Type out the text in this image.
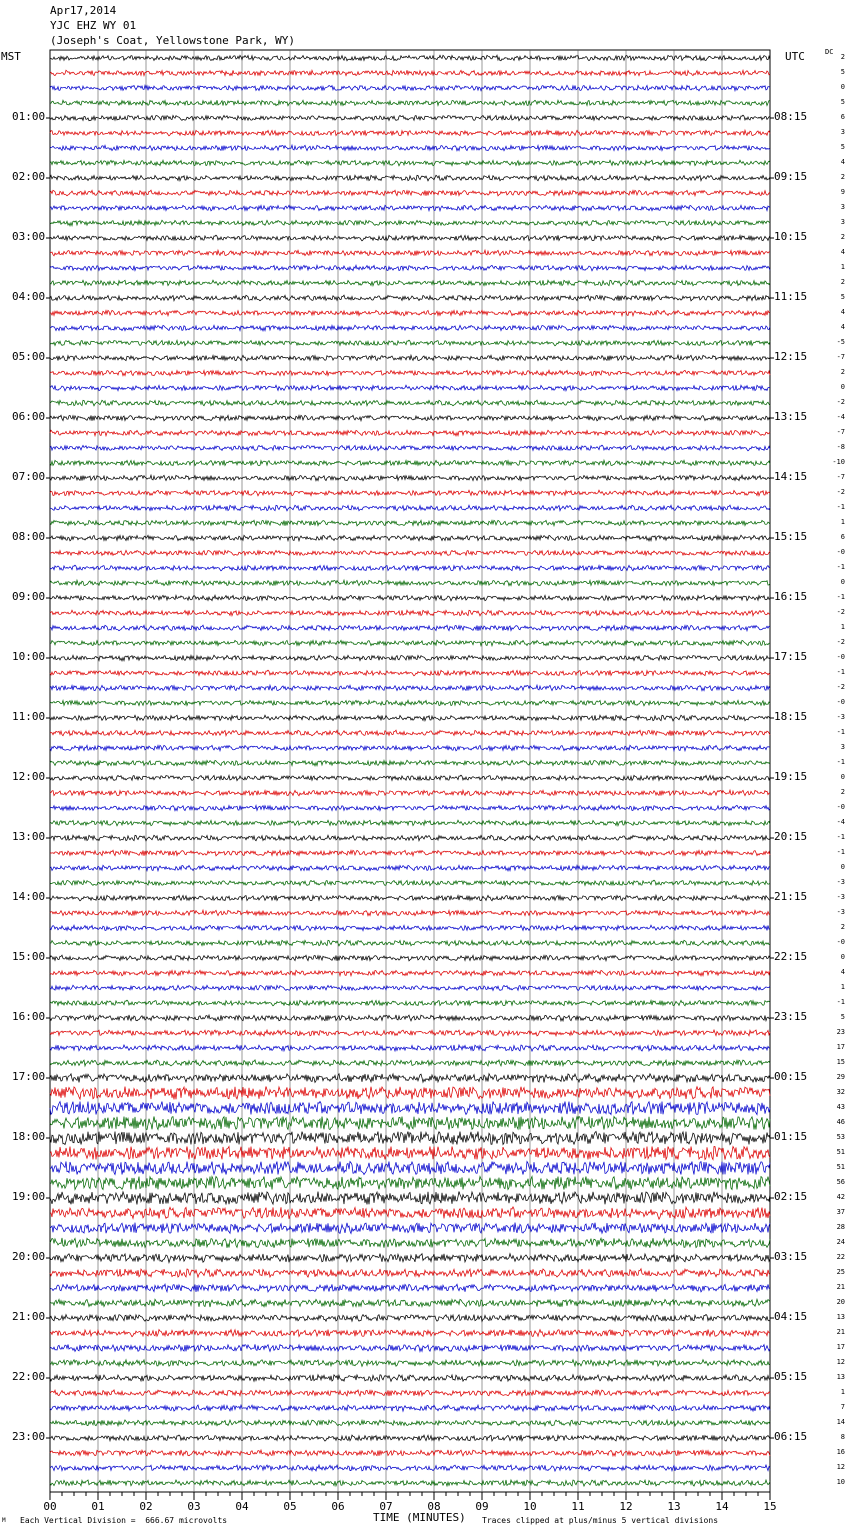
Apr17,2014
YJC EHZ WY 01
(Joseph's Coat, Yellowstone Park, WY)
MST	UTC	DC
00	01	02	03	04	05	06	07	08	09	10	11	12	13	14	15
TIME (MINUTES)
Each Vertical Division =  666.67 microvolts	Traces clipped at plus/minus 5 vertical divisions
M
01:00
02:00
03:00
04:00
05:00
06:00
07:00
08:00
09:00
10:00
11:00
12:00
13:00
14:00
15:00
16:00
17:00
18:00
19:00
20:00
21:00
22:00
23:00
08:15
09:15
10:15
11:15
12:15
13:15
14:15
15:15
16:15
17:15
18:15
19:15
20:15
21:15
22:15
23:15
00:15
01:15
02:15
03:15
04:15
05:15
06:15
2
5
0
5
6
3
5
4
2
9
3
3
2
4
1
2
5
4
4
-5
-7
2
0
-2
-4
-7
-8
-10
-7
-2
-1
1
6
-0
-1
0
-1
-2
1
-2
-0
-1
-2
-0
-3
-1
3
-1
0
2
-0
-4
-1
-1
0
-3
-3
-3
2
-0
0
4
1
-1
5
23
17
15
29
32
43
46
53
51
51
56
42
37
28
24
22
25
21
20
13
21
17
12
13
1
7
14
8
16
12
10
